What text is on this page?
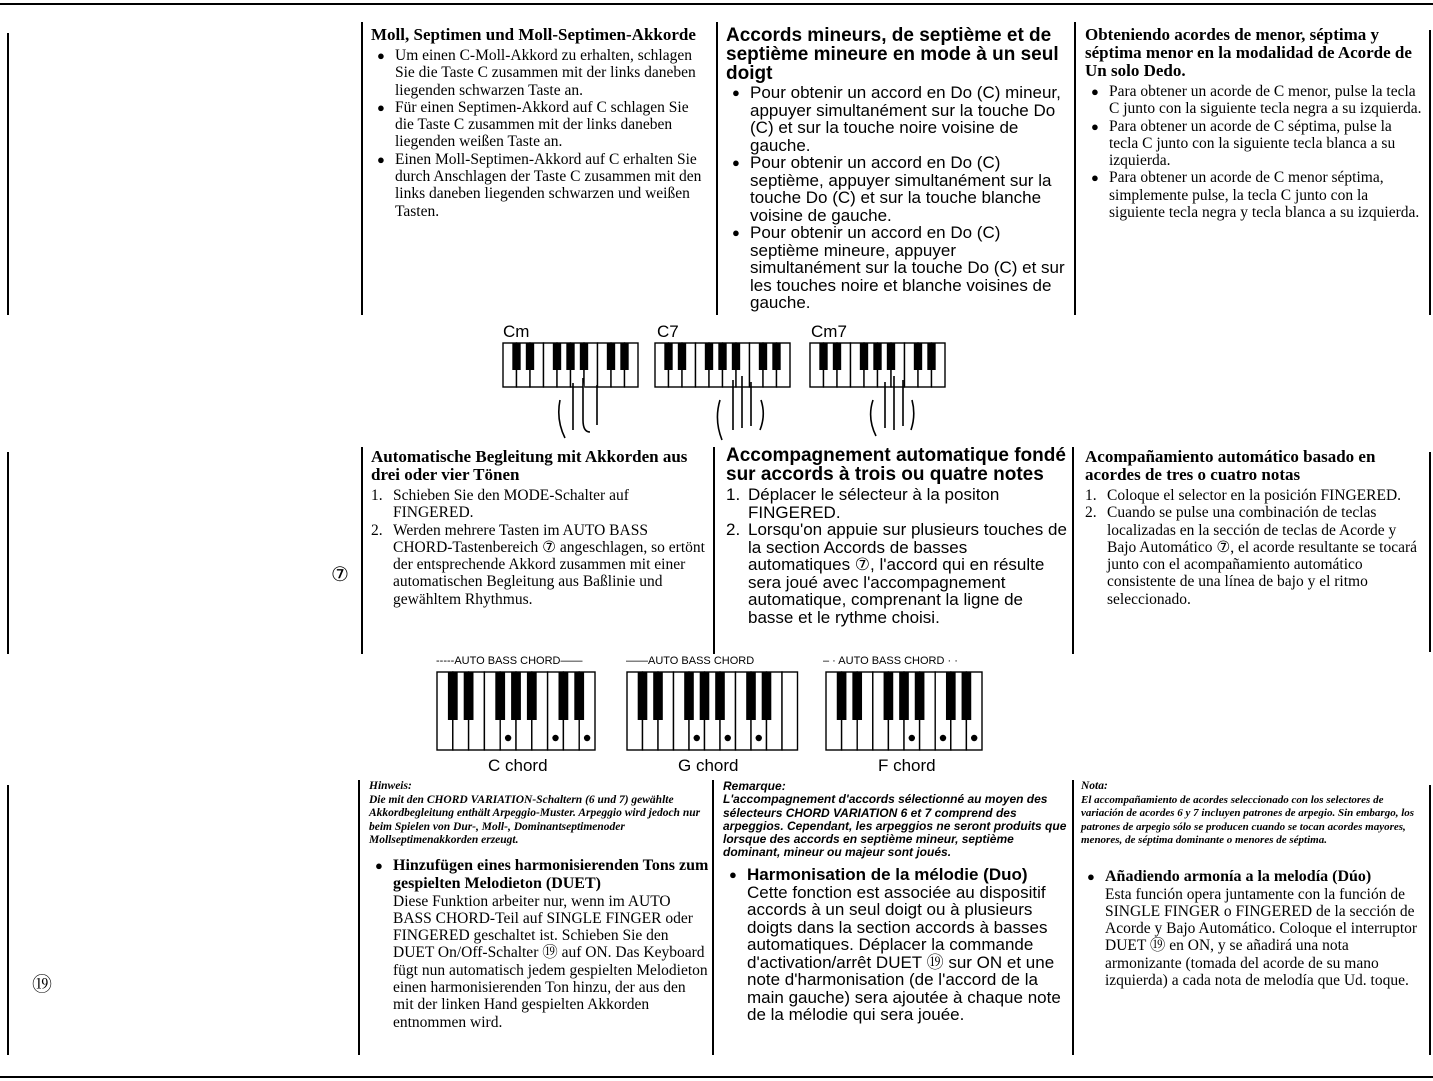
⑦
⑲
Moll, Septimen und Moll-Septimen-Akkorde
● Um einen C-Moll-Akkord zu erhalten, schlagen Sie die Taste C zusammen mit der links daneben liegenden schwarzen Taste an.
● Für einen Septimen-Akkord auf C schlagen Sie die Taste C zusammen mit der links daneben liegenden weißen Taste an.
● Einen Moll-Septimen-Akkord auf C erhalten Sie durch Anschlagen der Taste C zusammen mit den links daneben liegenden schwarzen und weißen Tasten.
Accords mineurs, de septième et de septième mineure en mode à un seul doigt
● Pour obtenir un accord en Do (C) mineur, appuyer simultanément sur la touche Do (C) et sur la touche noire voisine de gauche.
● Pour obtenir un accord en Do (C) septième, appuyer simultanément sur la touche Do (C) et sur la touche blanche voisine de gauche.
● Pour obtenir un accord en Do (C) septième mineure, appuyer simultanément sur la touche Do (C) et sur les touches noire et blanche voisines de gauche.
Obteniendo acordes de menor, séptima y séptima menor en la modalidad de Acorde de Un solo Dedo.
● Para obtener un acorde de C menor, pulse la tecla C junto con la siguiente tecla negra a su izquierda.
● Para obtener un acorde de C séptima, pulse la tecla C junto con la siguiente tecla blanca a su izquierda.
● Para obtener un acorde de C menor séptima, simplemente pulse, la tecla C junto con la siguiente tecla negra y tecla blanca a su izquierda.
Cm	C7	Cm7
Automatische Begleitung mit Akkorden aus drei oder vier Tönen
1. Schieben Sie den MODE-Schalter auf FINGERED.
2. Werden mehrere Tasten im AUTO BASS CHORD-Tastenbereich ⑦ angeschlagen, so ertönt der entsprechende Akkord zusammen mit einer automatischen Begleitung aus Baßlinie und gewähltem Rhythmus.
Accompagnement automatique fondé sur accords à trois ou quatre notes
1. Déplacer le sélecteur à la positon FINGERED.
2. Lorsqu'on appuie sur plusieurs touches de la section Accords de basses automatiques ⑦, l'accord qui en résulte sera joué avec l'accompagnement automatique, comprenant la ligne de basse et le rythme choisi.
Acompañamiento automático basado en acordes de tres o cuatro notas
1. Coloque el selector en la posición FINGERED.
2. Cuando se pulse una combinación de teclas localizadas en la sección de teclas de Acorde y Bajo Automático ⑦, el acorde resultante se tocará junto con el acompañamiento automático consistente de una línea de bajo y el ritmo seleccionado.
-----AUTO BASS CHORD——	——AUTO BASS CHORD	– · AUTO BASS CHORD · ·
C chord	G chord	F chord
Hinweis:
Die mit den CHORD VARIATION-Schaltern (6 und 7) gewählte Akkordbegleitung enthält Arpeggio-Muster. Arpeggio wird jedoch nur beim Spielen von Dur-, Moll-, Dominantseptimenoder Mollseptimenakkorden erzeugt.
● Hinzufügen eines harmonisierenden Tons zum gespielten Melodieton (DUET)
Diese Funktion arbeiter nur, wenn im AUTO BASS CHORD-Teil auf SINGLE FINGER oder FINGERED geschaltet ist. Schieben Sie den DUET On/Off-Schalter ⑲ auf ON. Das Keyboard fügt nun automatisch jedem gespielten Melodieton einen harmonisierenden Ton hinzu, der aus den mit der linken Hand gespielten Akkorden entnommen wird.
Remarque:
L'accompagnement d'accords sélectionné au moyen des sélecteurs CHORD VARIATION 6 et 7 comprend des arpeggios. Cependant, les arpeggios ne seront produits que lorsque des accords en septième mineur, septième dominant, mineur ou majeur sont joués.
● Harmonisation de la mélodie (Duo)
Cette fonction est associée au dispositif accords à un seul doigt ou à plusieurs doigts dans la section accords à basses automatiques. Déplacer la commande d'activation/arrêt DUET ⑲ sur ON et une note d'harmonisation (de l'accord de la main gauche) sera ajoutée à chaque note de la mélodie qui sera jouée.
Nota:
El accompañamiento de acordes seleccionado con los selectores de variación de acordes 6 y 7 incluyen patrones de arpegio. Sin embargo, los patrones de arpegio sólo se producen cuando se tocan acordes mayores, menores, de séptima dominante o menores de séptima.
● Añadiendo armonía a la melodía (Dúo)
Esta función opera juntamente con la función de SINGLE FINGER o FINGERED de la sección de Acorde y Bajo Automático. Coloque el interruptor DUET ⑲ en ON, y se añadirá una nota armonizante (tomada del acorde de su mano izquierda) a cada nota de melodía que Ud. toque.
